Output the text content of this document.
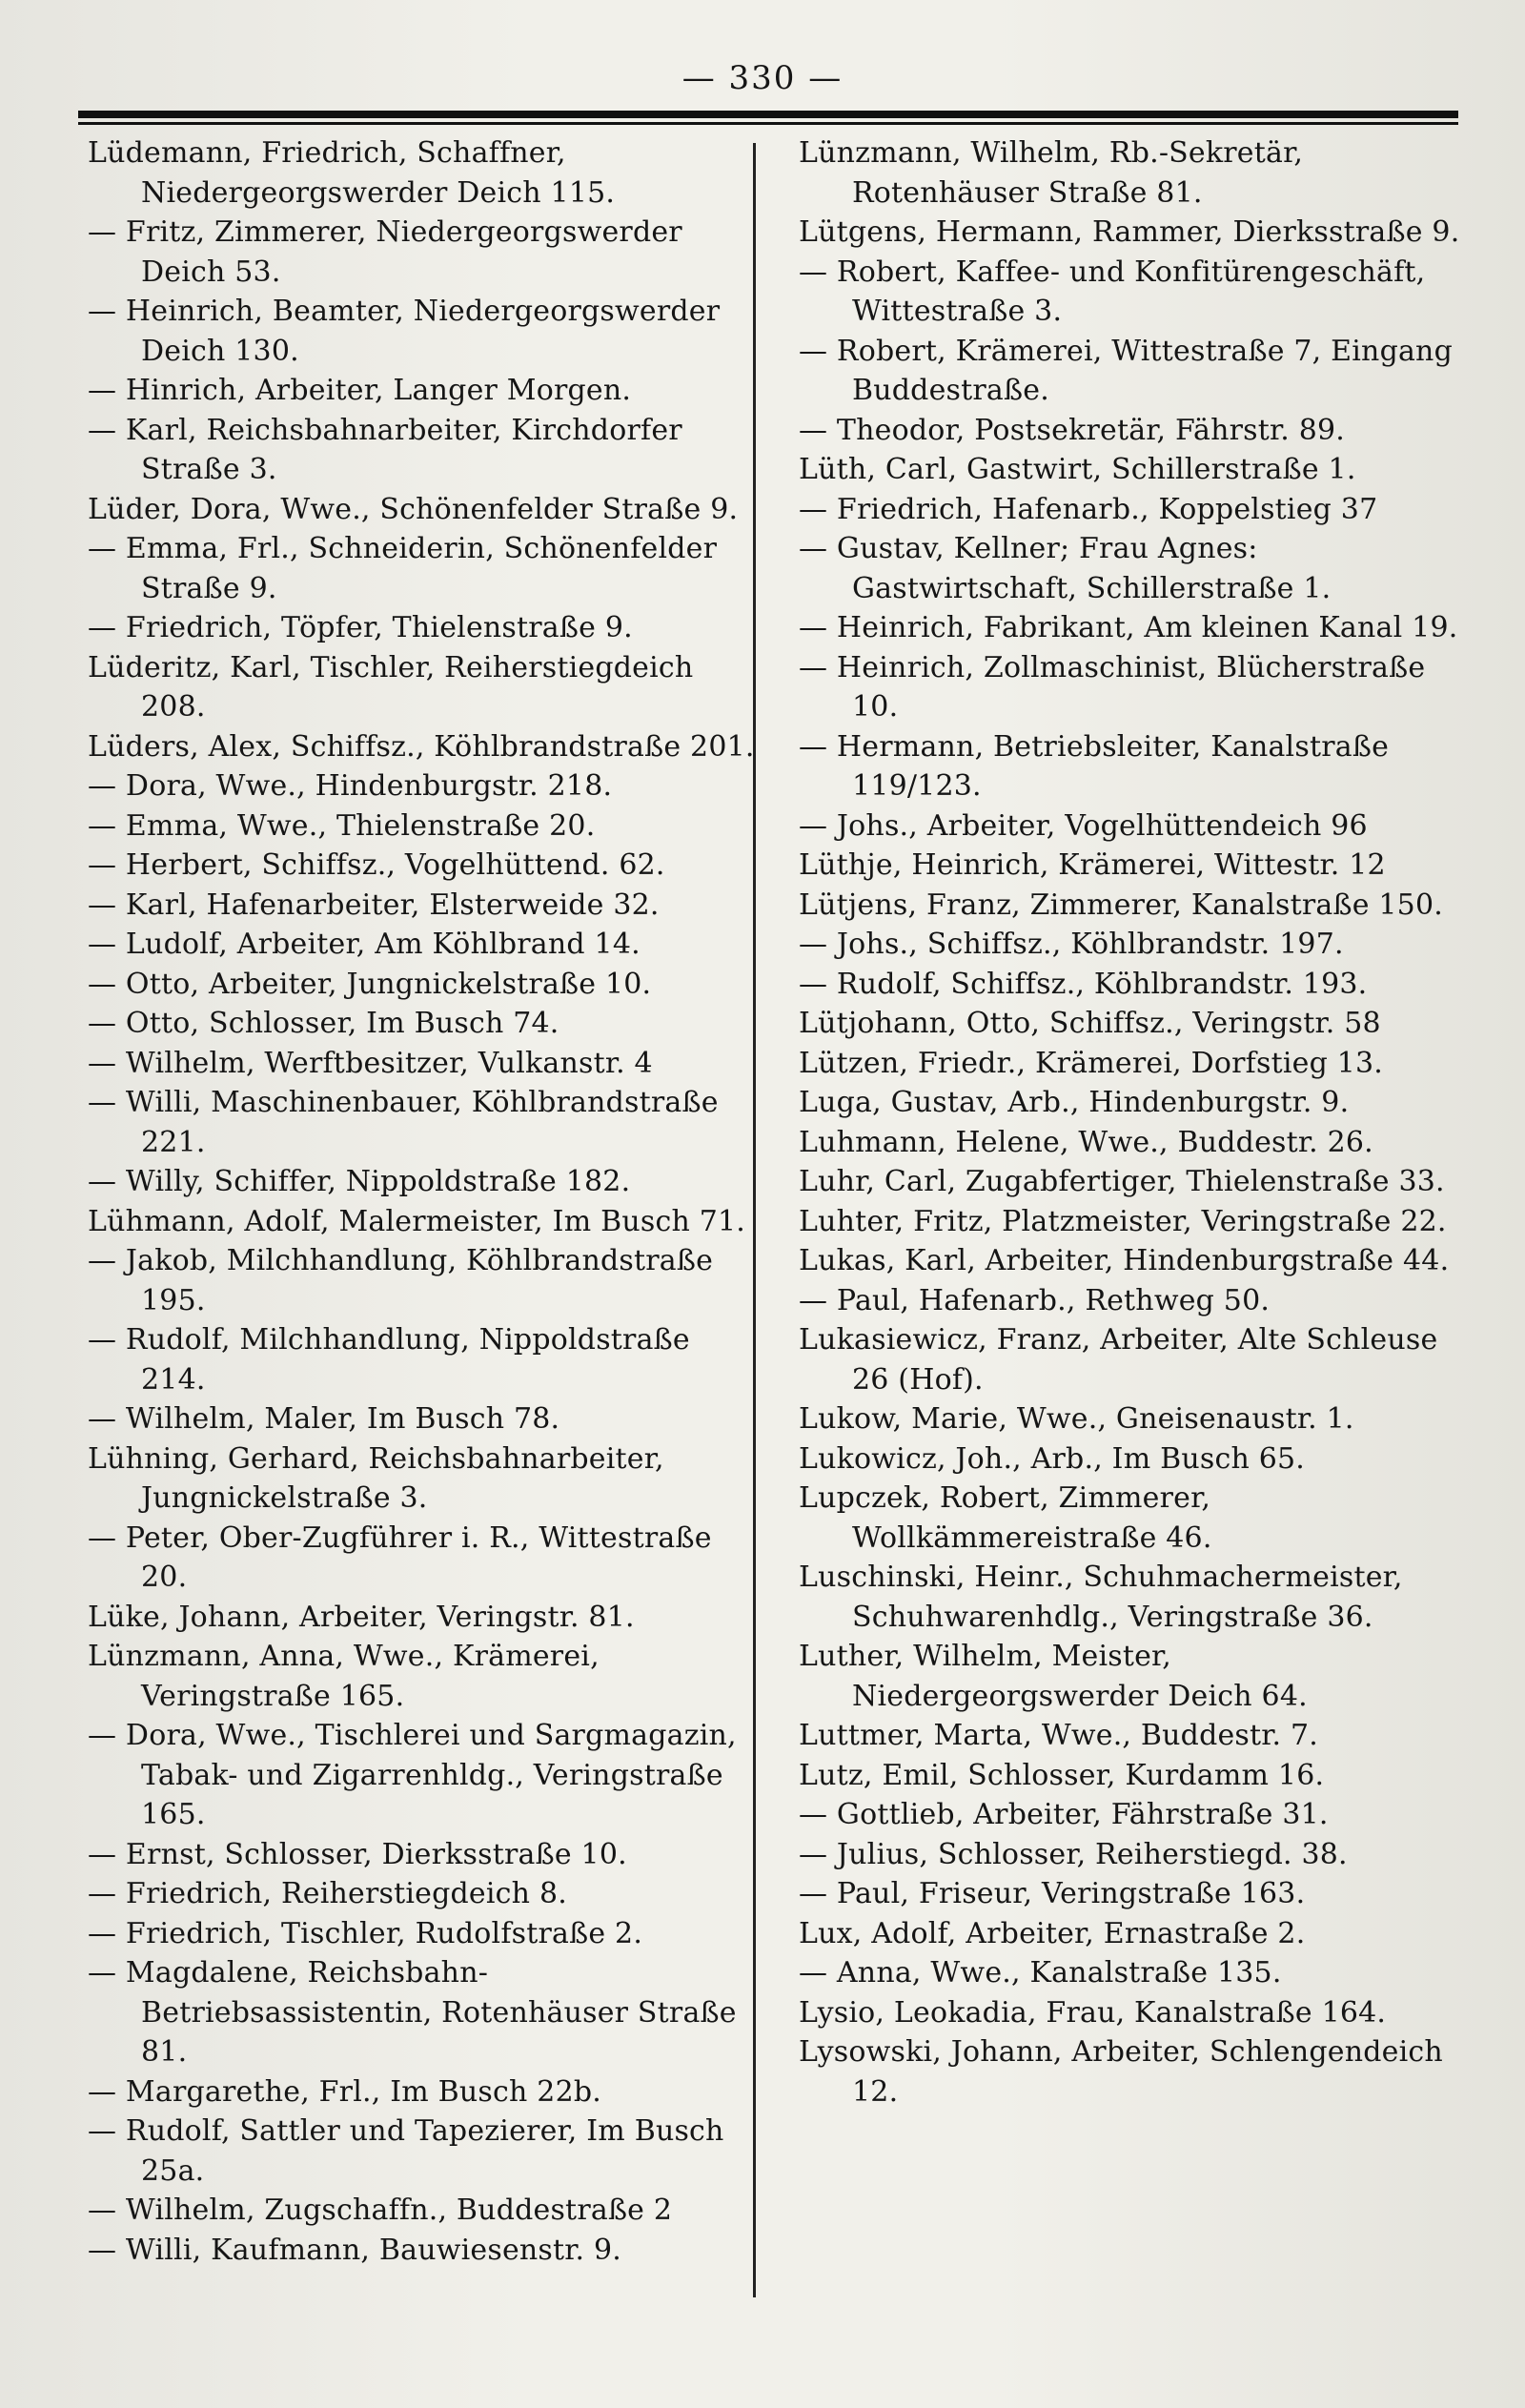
— 330 —

Lüdemann, Friedrich, Schaffner, Niedergeorgswerder Deich 115.

— Fritz, Zimmerer, Niedergeorgswerder Deich 53.

— Heinrich, Beamter, Niedergeorgswerder Deich 130.

— Hinrich, Arbeiter, Langer Morgen.

— Karl, Reichsbahnarbeiter, Kirchdorfer Straße 3.

Lüder, Dora, Wwe., Schönenfelder Straße 9.

— Emma, Frl., Schneiderin, Schönenfelder Straße 9.

— Friedrich, Töpfer, Thielenstraße 9.

Lüderitz, Karl, Tischler, Reiherstiegdeich 208.

Lüders, Alex, Schiffsz., Köhlbrandstraße 201.

— Dora, Wwe., Hindenburgstr. 218.

— Emma, Wwe., Thielenstraße 20.

— Herbert, Schiffsz., Vogelhüttend. 62.

— Karl, Hafenarbeiter, Elsterweide 32.

— Ludolf, Arbeiter, Am Köhlbrand 14.

— Otto, Arbeiter, Jungnickelstraße 10.

— Otto, Schlosser, Im Busch 74.

— Wilhelm, Werftbesitzer, Vulkanstr. 4

— Willi, Maschinenbauer, Köhlbrandstraße 221.

— Willy, Schiffer, Nippoldstraße 182.

Lühmann, Adolf, Malermeister, Im Busch 71.

— Jakob, Milchhandlung, Köhlbrandstraße 195.

— Rudolf, Milchhandlung, Nippoldstraße 214.

— Wilhelm, Maler, Im Busch 78.

Lühning, Gerhard, Reichsbahnarbeiter, Jungnickelstraße 3.

— Peter, Ober-Zugführer i. R., Wittestraße 20.

Lüke, Johann, Arbeiter, Veringstr. 81.

Lünzmann, Anna, Wwe., Krämerei, Veringstraße 165.

— Dora, Wwe., Tischlerei und Sargmagazin, Tabak- und Zigarrenhldg., Veringstraße 165.

— Ernst, Schlosser, Dierksstraße 10.

— Friedrich, Reiherstiegdeich 8.

— Friedrich, Tischler, Rudolfstraße 2.

— Magdalene, Reichsbahn-Betriebsassistentin, Rotenhäuser Straße 81.

— Margarethe, Frl., Im Busch 22b.

— Rudolf, Sattler und Tapezierer, Im Busch 25a.

— Wilhelm, Zugschaffn., Buddestraße 2

— Willi, Kaufmann, Bauwiesenstr. 9.

Lünzmann, Wilhelm, Rb.-Sekretär, Rotenhäuser Straße 81.

Lütgens, Hermann, Rammer, Dierksstraße 9.

— Robert, Kaffee- und Konfitürengeschäft, Wittestraße 3.

— Robert, Krämerei, Wittestraße 7, Eingang Buddestraße.

— Theodor, Postsekretär, Fährstr. 89.

Lüth, Carl, Gastwirt, Schillerstraße 1.

— Friedrich, Hafenarb., Koppelstieg 37

— Gustav, Kellner; Frau Agnes: Gastwirtschaft, Schillerstraße 1.

— Heinrich, Fabrikant, Am kleinen Kanal 19.

— Heinrich, Zollmaschinist, Blücherstraße 10.

— Hermann, Betriebsleiter, Kanalstraße 119/123.

— Johs., Arbeiter, Vogelhüttendeich 96

Lüthje, Heinrich, Krämerei, Wittestr. 12

Lütjens, Franz, Zimmerer, Kanalstraße 150.

— Johs., Schiffsz., Köhlbrandstr. 197.

— Rudolf, Schiffsz., Köhlbrandstr. 193.

Lütjohann, Otto, Schiffsz., Veringstr. 58

Lützen, Friedr., Krämerei, Dorfstieg 13.

Luga, Gustav, Arb., Hindenburgstr. 9.

Luhmann, Helene, Wwe., Buddestr. 26.

Luhr, Carl, Zugabfertiger, Thielenstraße 33.

Luhter, Fritz, Platzmeister, Veringstraße 22.

Lukas, Karl, Arbeiter, Hindenburgstraße 44.

— Paul, Hafenarb., Rethweg 50.

Lukasiewicz, Franz, Arbeiter, Alte Schleuse 26 (Hof).

Lukow, Marie, Wwe., Gneisenaustr. 1.

Lukowicz, Joh., Arb., Im Busch 65.

Lupczek, Robert, Zimmerer, Wollkämmereistraße 46.

Luschinski, Heinr., Schuhmachermeister, Schuhwarenhdlg., Veringstraße 36.

Luther, Wilhelm, Meister, Niedergeorgswerder Deich 64.

Luttmer, Marta, Wwe., Buddestr. 7.

Lutz, Emil, Schlosser, Kurdamm 16.

— Gottlieb, Arbeiter, Fährstraße 31.

— Julius, Schlosser, Reiherstiegd. 38.

— Paul, Friseur, Veringstraße 163.

Lux, Adolf, Arbeiter, Ernastraße 2.

— Anna, Wwe., Kanalstraße 135.

Lysio, Leokadia, Frau, Kanalstraße 164.

Lysowski, Johann, Arbeiter, Schlengendeich 12.
